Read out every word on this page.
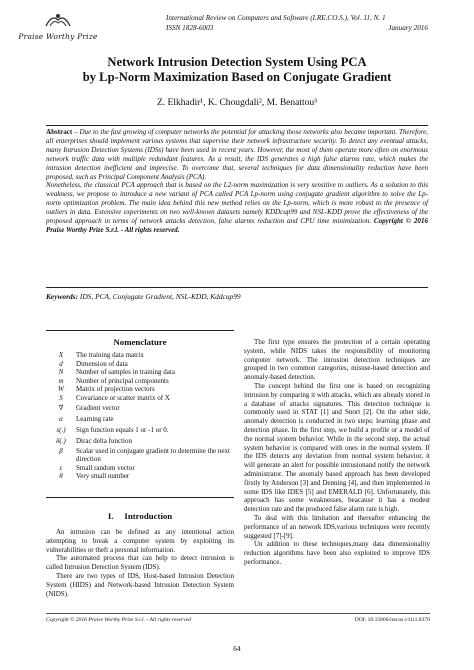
Praise Worthy Prize
International Review on Computers and Software (I.RE.CO.S.), Vol. 11, N. 1
ISSN 1828-6003	January 2016
Network Intrusion Detection System Using PCA
by Lp-Norm Maximization Based on Conjugate Gradient
Z. Elkhadir¹, K. Chougdali², M. Benattou³

Abstract – Due to the fast growing of computer networks the potential for attacking those networks also became important. Therefore, all enterprises should implement various systems that supervise their network infrastructure security. To detect any eventual attacks, many Intrusion Detection Systems (IDSs) have been used in recent years. However, the most of them operate more often on enormous network traffic data with multiple redundant features. As a result, the IDS generates a high false alarms rate, which makes the intrusion detection inefficient and imprecise. To overcome that, several techniques for data dimensionality reduction have been proposed, such as Principal Component Analysis (PCA).

Nonetheless, the classical PCA approach that is based on the L2-norm maximization is very sensitive to outliers. As a solution to this weakness, we propose to introduce a new variant of PCA called PCA Lp-norm using conjugate gradient algorithm to solve the Lp-norm optimization problem. The main idea behind this new method relies on the Lp-norm, which is more robust to the presence of outliers in data. Extensive experiments on two well-known datasets namely KDDcup99 and NSL-KDD prove the effectiveness of the proposed approach in terms of network attacks detection, false alarms reduction and CPU time minimization. Copyright © 2016 Praise Worthy Prize S.r.l. - All rights reserved.

Keywords: IDS, PCA, Conjugate Gradient, NSL-KDD, Kddcup99
Nomenclature
X	The training data matrix
d	Dimension of data
N	Number of samples in training data
m	Number of principal components
W	Matrix of projection vectors
S	Covariance or scatter matrix of X
∇	Gradient vector
α	Learning rate
s(.)	Sign function equals 1 or -1 or 0.
δ(.)	Dirac delta function
β	Scalar used in conjugate gradient to determine the next direction
ε	Small random vector
θ	Very small number
I.     Introduction

An intrusion can be defined as any intentional action attempting to break a computer system by exploiting its vulnerabilities or theft a personal information.

The automated process that can help to detect intrusion is called Intrusion Detection System (IDS).

There are two types of IDS, Host-based Intrusion Detection System (HIDS) and Network-based Intrusion Detection System (NIDS).

The first type ensures the protection of a certain operating system, while NIDS takes the responsibility of monitoring computer network. The intrusion detection techniques are grouped in two common categories, misuse-based detection and anomaly-based detection.

The concept behind the first one is based on recognizing intrusion by comparing it with attacks, which are already stored in a database of attacks signatures. This detection technique is commonly used in STAT [1] and Snort [2]. On the other side, anomaly detection is conducted in two steps: learning phase and detection phase. In the first step, we build a profile or a model of the normal system behavior. While in the second step, the actual system behavior is compared with ones in the normal system. If the IDS detects any deviation from normal system behavior, it will generate an alert for possible intrusionand notify the network administrator. The anomaly based approach has been developed firstly by Anderson [3] and Denning [4], and then implemented in some IDS like IDES [5] and EMERALD [6]. Unfortunately, this approach has some weaknesses, beacause it has a modest detection rate and the produced false alarm rate is high.

To deal with this limitation and thereafter enhancing the performance of an network IDS,various techniques were recently suggested [7]-[9].

Un addition to these techniques,many data dimensionality reduction algorithms have been also exploited to improve IDS performance.

Copyright © 2016 Praise Worthy Prize S.r.l. - All rights reserved	DOI: 10.15866/irecos.v11i1.8370
64
